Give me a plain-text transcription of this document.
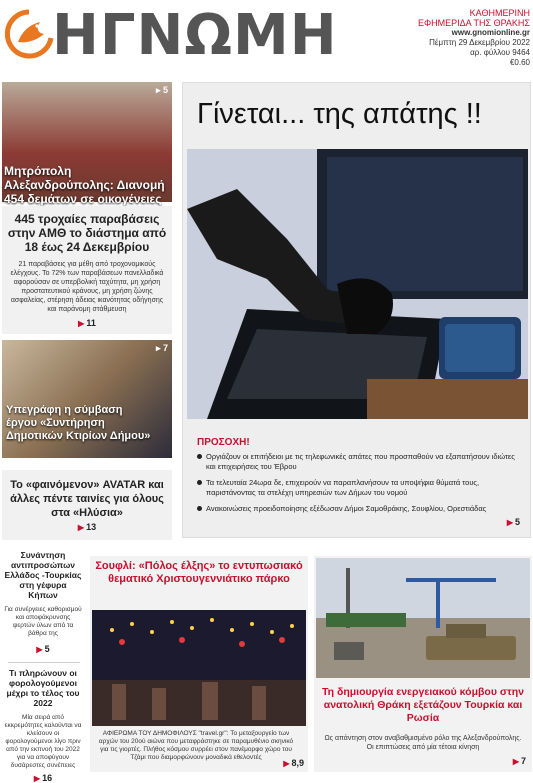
ΗΓΝΩΜΗ	ΚΑΘΗΜΕΡΙΝΗ
ΕΦΗΜΕΡΙΔΑ ΤΗΣ ΘΡΑΚΗΣ
www.gnomionline.gr
Πέμπτη 29 Δεκεμβρίου 2022
αρ. φύλλου 9464
€0.60
▸ 5
Μητρόπολη Αλεξανδρούπολης: Διανομή 454 δεμάτων σε οικογένειες
445 τροχαίες παραβάσεις στην ΑΜΘ το διάστημα από 18 έως 24 Δεκεμβρίου
21 παραβάσεις για μέθη από τροχονομικούς ελέγχους. Το 72% των παραβάσεων πανελλαδικά αφορούσαν σε υπερβολική ταχύτητα, μη χρήση προστατευτικού κράνους, μη χρήση ζώνης ασφαλείας, στέρηση άδειας ικανότητας οδήγησης και παράνομη στάθμευση
▶ 11
▸ 7
Υπεγράφη η σύμβαση έργου «Συντήρηση Δημοτικών Κτιρίων Δήμου»
Το «φαινόμενον» AVATAR και άλλες πέντε ταινίες για όλους στα «Ηλύσια»
▶ 13
Γίνεται... της απάτης !!
ΠΡΟΣΟΧΗ!
Οργιάζουν οι επιτήδειοι με τις τηλεφωνικές απάτες που προσπαθούν να εξαπατήσουν ιδιώτες και επιχειρήσεις του Έβρου
Τα τελευταία 24ωρα δε, επιχειρούν να παραπλανήσουν τα υποψήφια θύματά τους, παριστάνοντας τα στελέχη υπηρεσιών των Δήμων του νομού
Ανακοινώσεις προειδοποίησης εξέδωσαν Δήμοι Σαμοθράκης, Σουφλίου, Ορεστιάδας
▶ 5
Συνάντηση αντιπροσώπων Ελλάδος -Τουρκίας στη γέφυρα Κήπων
Για συνέργειες καθορισμού και αποφάκρυνσης ψερτών ύλων από τα βάθρα της
▶ 5
Τι πληρώνουν οι φορολογούμενοι μέχρι το τέλος του 2022
Μία σειρά από εκκρεμότητες καλούνται να κλείσουν οι φορολογούμενοι λίγο πριν από την εκπνοή του 2022 για να αποφύγουν δυσάρεστες συνέπειες
▶ 16
Σουφλί: «Πόλος έλξης» το εντυπωσιακό θεματικό Χριστουγεννιάτικο πάρκο
ΑΦΙΕΡΩΜΑ ΤΟΥ ΔΗΜΟΦΙΛΟΥΣ "travel.gr": Το μεταξουργείο των αρχών του 20ού αιώνα που μεταφράστηκε σε παραμυθένιο σκηνικό για τις γιορτές. Πλήθος κόσμου συρρέει στον πανέμορφο χώρο του Τζάμι που διαμορφώνουν μοναδικά εθελοντές
▶ 8,9
Τη δημιουργία ενεργειακού κόμβου στην ανατολική Θράκη εξετάζουν Τουρκία και Ρωσία
Ως απάντηση στον αναβαθμισμένο ρόλο της Αλεξανδρούπολης. Οι επιπτώσεις από μία τέτοια κίνηση
▶ 7
